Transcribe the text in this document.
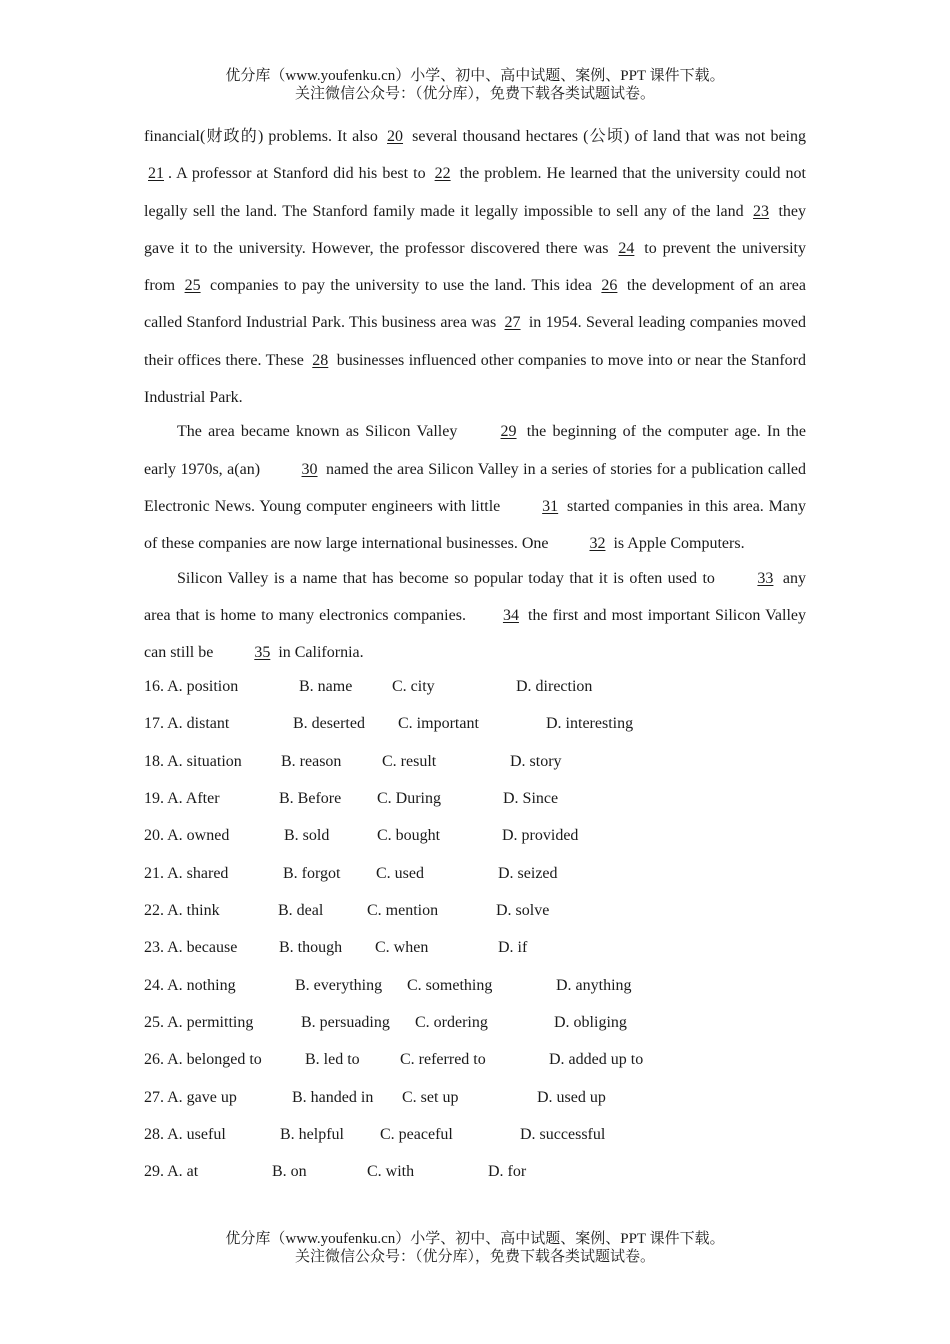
优分库（www.youfenku.cn）小学、初中、高中试题、案例、PPT 课件下载。
关注微信公众号：（优分库），免费下载各类试题试卷。

financial(财政的) problems. It also 20 several thousand hectares (公顷) of land that was not being 21 . A professor at Stanford did his best to 22 the problem. He learned that the university could not legally sell the land. The Stanford family made it legally impossible to sell any of the land 23 they gave it to the university. However, the professor discovered there was 24 to prevent the university from 25 companies to pay the university to use the land. This idea 26 the development of an area called Stanford Industrial Park. This business area was 27 in 1954. Several leading companies moved their offices there. These 28 businesses influenced other companies to move into or near the Stanford Industrial Park.

The area became known as Silicon Valley 29 the beginning of the computer age. In the early 1970s, a(an) 30 named the area Silicon Valley in a series of stories for a publication called Electronic News. Young computer engineers with little 31 started companies in this area. Many of these companies are now large international businesses. One 32 is Apple Computers.

Silicon Valley is a name that has become so popular today that it is often used to 33 any area that is home to many electronics companies. 34 the first and most important Silicon Valley can still be 35 in California.

16. A. position	B. name C. city	D. direction
17. A. distant	B. deserted C. important	D. interesting
18. A. situation B. reason	C. result	D. story
19. A. After	B. Before C. During	D. Since
20. A. owned	B. sold	C. bought	D. provided
21. A. shared	B. forgot C. used	D. seized
22. A. think	B. deal	C. mention	D. solve
23. A. because	B. though C. when	D. if
24. A. nothing	B. everything C. something	D. anything
25. A. permitting	B. persuading C. ordering	D. obliging
26. A. belonged to	B. led to	C. referred to	D. added up to
27. A. gave up	B. handed in C. set up	D. used up
28. A. useful	B. helpful C. peaceful	D. successful
29. A. at	B. on	C. with	D. for
优分库（www.youfenku.cn）小学、初中、高中试题、案例、PPT 课件下载。
关注微信公众号：（优分库），免费下载各类试题试卷。
